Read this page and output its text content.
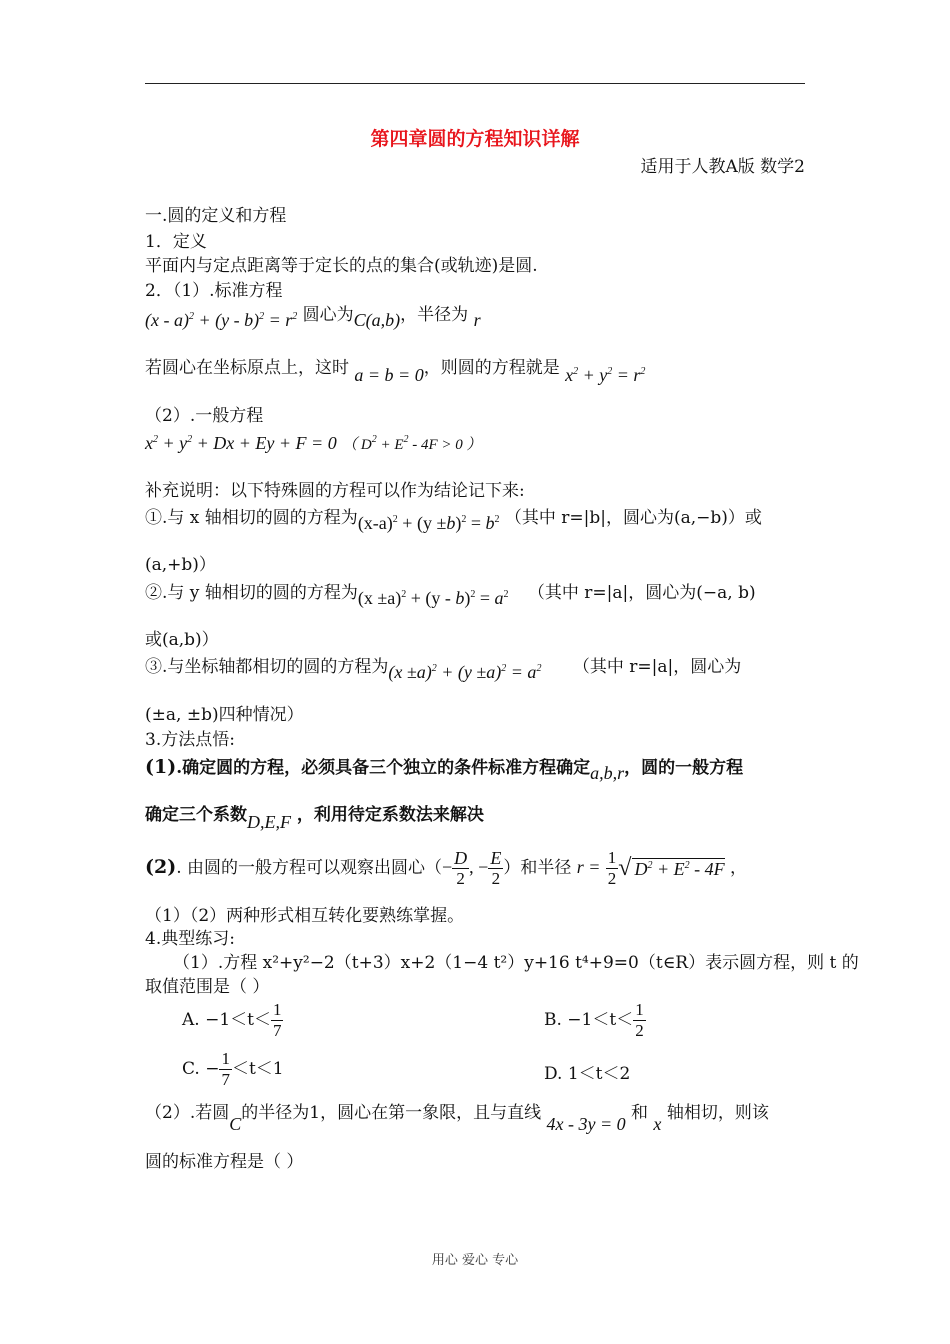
第四章圆的方程知识详解
适用于人教A版 数学2
一.圆的定义和方程
1．定义
平面内与定点距离等于定长的点的集合(或轨迹)是圆.
2．（1）.标准方程
$(x - a)^2 + (y - b)^2 = r^2$ 圆心为C(a,b)，半径为 r
若圆心在坐标原点上，这时 a = b = 0，则圆的方程就是 $x^2 + y^2 = r^2$
（2）.一般方程
$x^2 + y^2 + Dx + Ey + F = 0$ （ $D^2 + E^2 - 4F > 0$ ）
补充说明：以下特殊圆的方程可以作为结论记下来:
①.与 x 轴相切的圆的方程为$(x-a)^2 + (y \pm b)^2 = b^2$ （其中 r=|b|，圆心为(a,−b)）或
(a,+b)）
②.与 y 轴相切的圆的方程为$(x \pm a)^2 + (y - b)^2 = a^2$ （其中 r=|a|，圆心为(−a, b)
或(a,b)）
③.与坐标轴都相切的圆的方程为$(x \pm a)^2 + (y \pm a)^2 = a^2$ （其中 r=|a|，圆心为
(±a, ±b)四种情况）
3.方法点悟:
(1).确定圆的方程，必须具备三个独立的条件标准方程确定a,b,r，圆的一般方程
确定三个系数D,E,F ，利用待定系数法来解决
(2). 由圆的一般方程可以观察出圆心（− $\frac{D}{2}$ , − $\frac{E}{2}$ ）和半径 $r = \frac{1}{2}$ √ $D^2 + E^2 - 4F$ ，
（1）（2）两种形式相互转化要熟练掌握。
4.典型练习:
（1）.方程 x²+y²−2（t+3）x+2（1−4 t²）y+16 t⁴+9=0（t∈R）表示圆方程，则 t 的
取值范围是（ ）
A. $-1<t< \frac{1}{7}$	B. $-1<t< \frac{1}{2}$
C. − $\frac{1}{7} <t<1$	D. 1＜t＜2
（2）.若圆C的半径为1，圆心在第一象限，且与直线 4x - 3y = 0 和 x 轴相切，则该
圆的标准方程是（ ）
用心 爱心 专心
